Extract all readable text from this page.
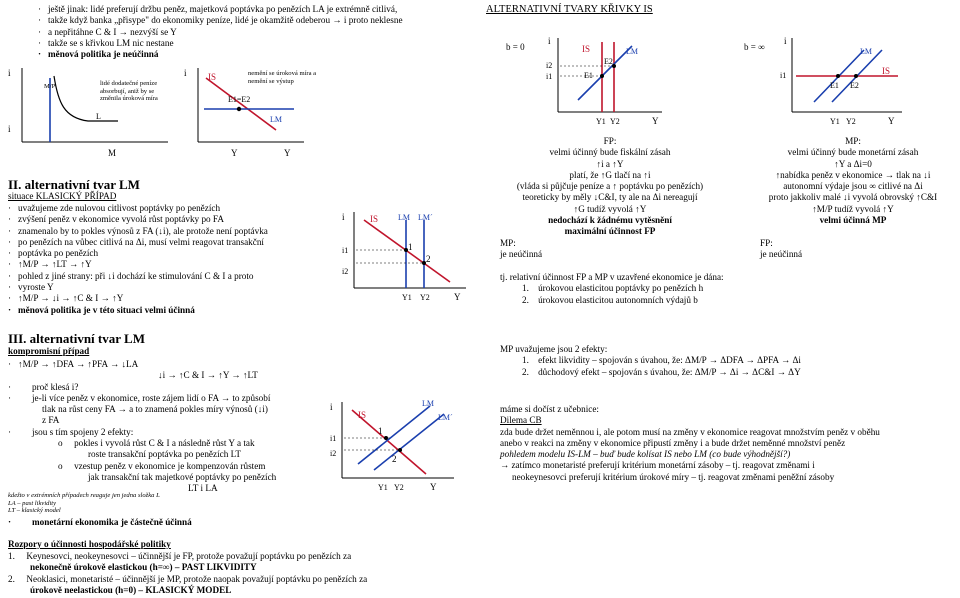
· ještě jinak: lidé preferují držbu peněz, majetková poptávka po penězích LA je extrémně citlivá,
· takže když banka „přisype" do ekonomiky peníze, lidé je okamžitě odeberou → i proto neklesne
· a nepřitáhne C & I → nezvýší se Y
· takže se s křivkou LM nic nestane
· měnová politika je neúčinná
i
i
M/P
L
M
lidé dodatečné peníze absorbují, aniž by se změnila úroková míra
i IS
E1=E2
LM
Y	Y
nemění se úroková míra a nemění se výstup
II. alternativní tvar LM
situace KLASICKÝ PŘÍPAD
· uvažujeme zde nulovou citlivost poptávky po penězích
· zvýšení peněz v ekonomice vyvolá růst poptávky po FA
· znamenalo by to pokles výnosů z FA (↓i), ale protože není poptávka
· po penězích na vůbec citlivá na Δi, musí velmi reagovat transakční
· poptávka po penězích
· ↑M/P → ↑LT → ↑Y
· pohled z jiné strany: při ↓i dochází ke stimulování C & I a proto
· vyroste Y
· ↑M/P → ↓i → ↑C & I → ↑Y
· měnová politika je v této situaci velmi účinná
i	IS LM LM´
i1
i2
1
2
Y1 Y2	Y
III. alternativní tvar LM
kompromisní případ
· ↑M/P → ↑DFA → ↑PFA → ↓LA
↓i → ↑C & I → ↑Y → ↑LT
· proč klesá i?
· je-li více peněz v ekonomice, roste zájem lidí o FA → to způsobí
tlak na růst ceny FA → a to znamená pokles míry výnosů (↓i)
z FA
· jsou s tím spojeny 2 efekty:
o     pokles i vyvolá růst C & I a následně růst Y a tak
roste transakční poptávka po penězích LT
o     vzestup peněz v ekonomice je kompenzován růstem
jak transakční tak majetkové poptávky po penězích
LT i LA
kdežto v extrémních případech reaguje jen jedna složka L
LA – past likvidity
LT – klasický model
· monetární ekonomika je částečně účinná
Rozpory o účinnosti hospodářské politiky
1.     Keynesovci, neokeynesovci – účinnější je FP, protože považují poptávku po penězích za
nekonečně úrokově elastickou (h=∞) – PAST LIKVIDITY
2.     Neoklasici, monetaristé – účinnější je MP, protože naopak považují poptávku po penězích za
úrokově neelastickou (h=0) – KLASICKÝ MODEL
ALTERNATIVNÍ TVARY KŘIVKY IS
b = 0
i
IS	LM
i2
i1
E2
E1
Y1 Y2	Y
b = ∞
i
LM
IS
i1
E1 E2
Y1 Y2	Y
FP:
velmi účinný bude fiskální zásah
↑i a ↑Y
platí, že ↑G tlačí na ↑i
(vláda si půjčuje peníze a ↑ poptávku po penězích)
teoreticky by měly ↓C&I, ty ale na Δi nereagují
↑G tudíž vyvolá ↑Y
nedochází k žádnému vytěsnění
maximální účinnost FP
MP:
je neúčinná
MP:
velmi účinný bude monetární zásah
↑Y a Δi=0
↑nabídka peněz v ekonomice → tlak na ↓i
autonomní výdaje jsou ∞ citlivé na Δi
proto jakkoliv malé ↓i vyvolá obrovský ↑C&I
↑M/P tudíž vyvolá ↑Y
velmi účinná MP
FP:
je neúčinná
tj. relativní účinnost FP a MP v uzavřené ekonomice je dána:
1.    úrokovou elasticitou poptávky po penězích h
2.    úrokovou elasticitou autonomních výdajů b
MP uvažujeme jsou 2 efekty:
1.    efekt likvidity – spojován s úvahou, že: ΔM/P → ΔDFA → ΔPFA → Δi
2.    důchodový efekt – spojován s úvahou, že: ΔM/P → Δi → ΔC&I → ΔY
i
IS
LM
LM´
1
2
i1
i2
Y1 Y2	Y
máme si dočíst z učebnice:
Dilema CB
zda bude držet neměnnou i, ale potom musí na změny v ekonomice reagovat množstvím peněz v oběhu
anebo v reakci na změny v ekonomice připustí změny i a bude držet neměnné množství peněz
pohledem modelu IS-LM – buď bude kolísat IS nebo LM (co bude výhodnější?)
→ zatímco monetaristé preferují kritérium monetární zásoby – tj. reagovat změnami i
neokeynesovci preferují kritérium úrokové míry – tj. reagovat změnami peněžní zásoby
